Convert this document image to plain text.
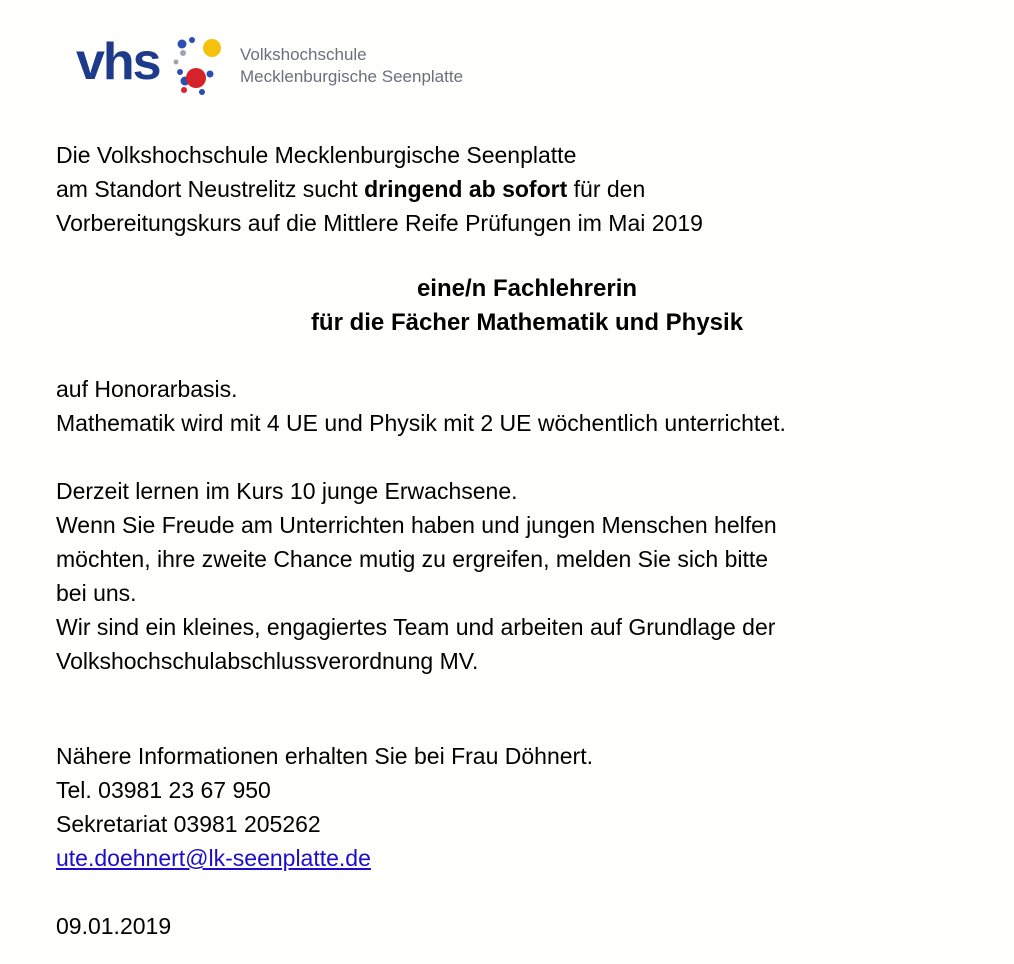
vhs	Volkshochschule
Mecklenburgische Seenplatte
Die Volkshochschule Mecklenburgische Seenplatte
am Standort Neustrelitz sucht dringend ab sofort für den
Vorbereitungskurs auf die Mittlere Reife Prüfungen im Mai 2019
eine/n Fachlehrerin
für die Fächer Mathematik und Physik
auf Honorarbasis.
Mathematik wird mit 4 UE und Physik mit 2 UE wöchentlich unterrichtet.
Derzeit lernen im Kurs 10 junge Erwachsene.
Wenn Sie Freude am Unterrichten haben und jungen Menschen helfen
möchten, ihre zweite Chance mutig zu ergreifen, melden Sie sich bitte
bei uns.
Wir sind ein kleines, engagiertes Team und arbeiten auf Grundlage der
Volkshochschulabschlussverordnung MV.
Nähere Informationen erhalten Sie bei Frau Döhnert.
Tel. 03981 23 67 950
Sekretariat 03981 205262
ute.doehnert@lk-seenplatte.de
09.01.2019
